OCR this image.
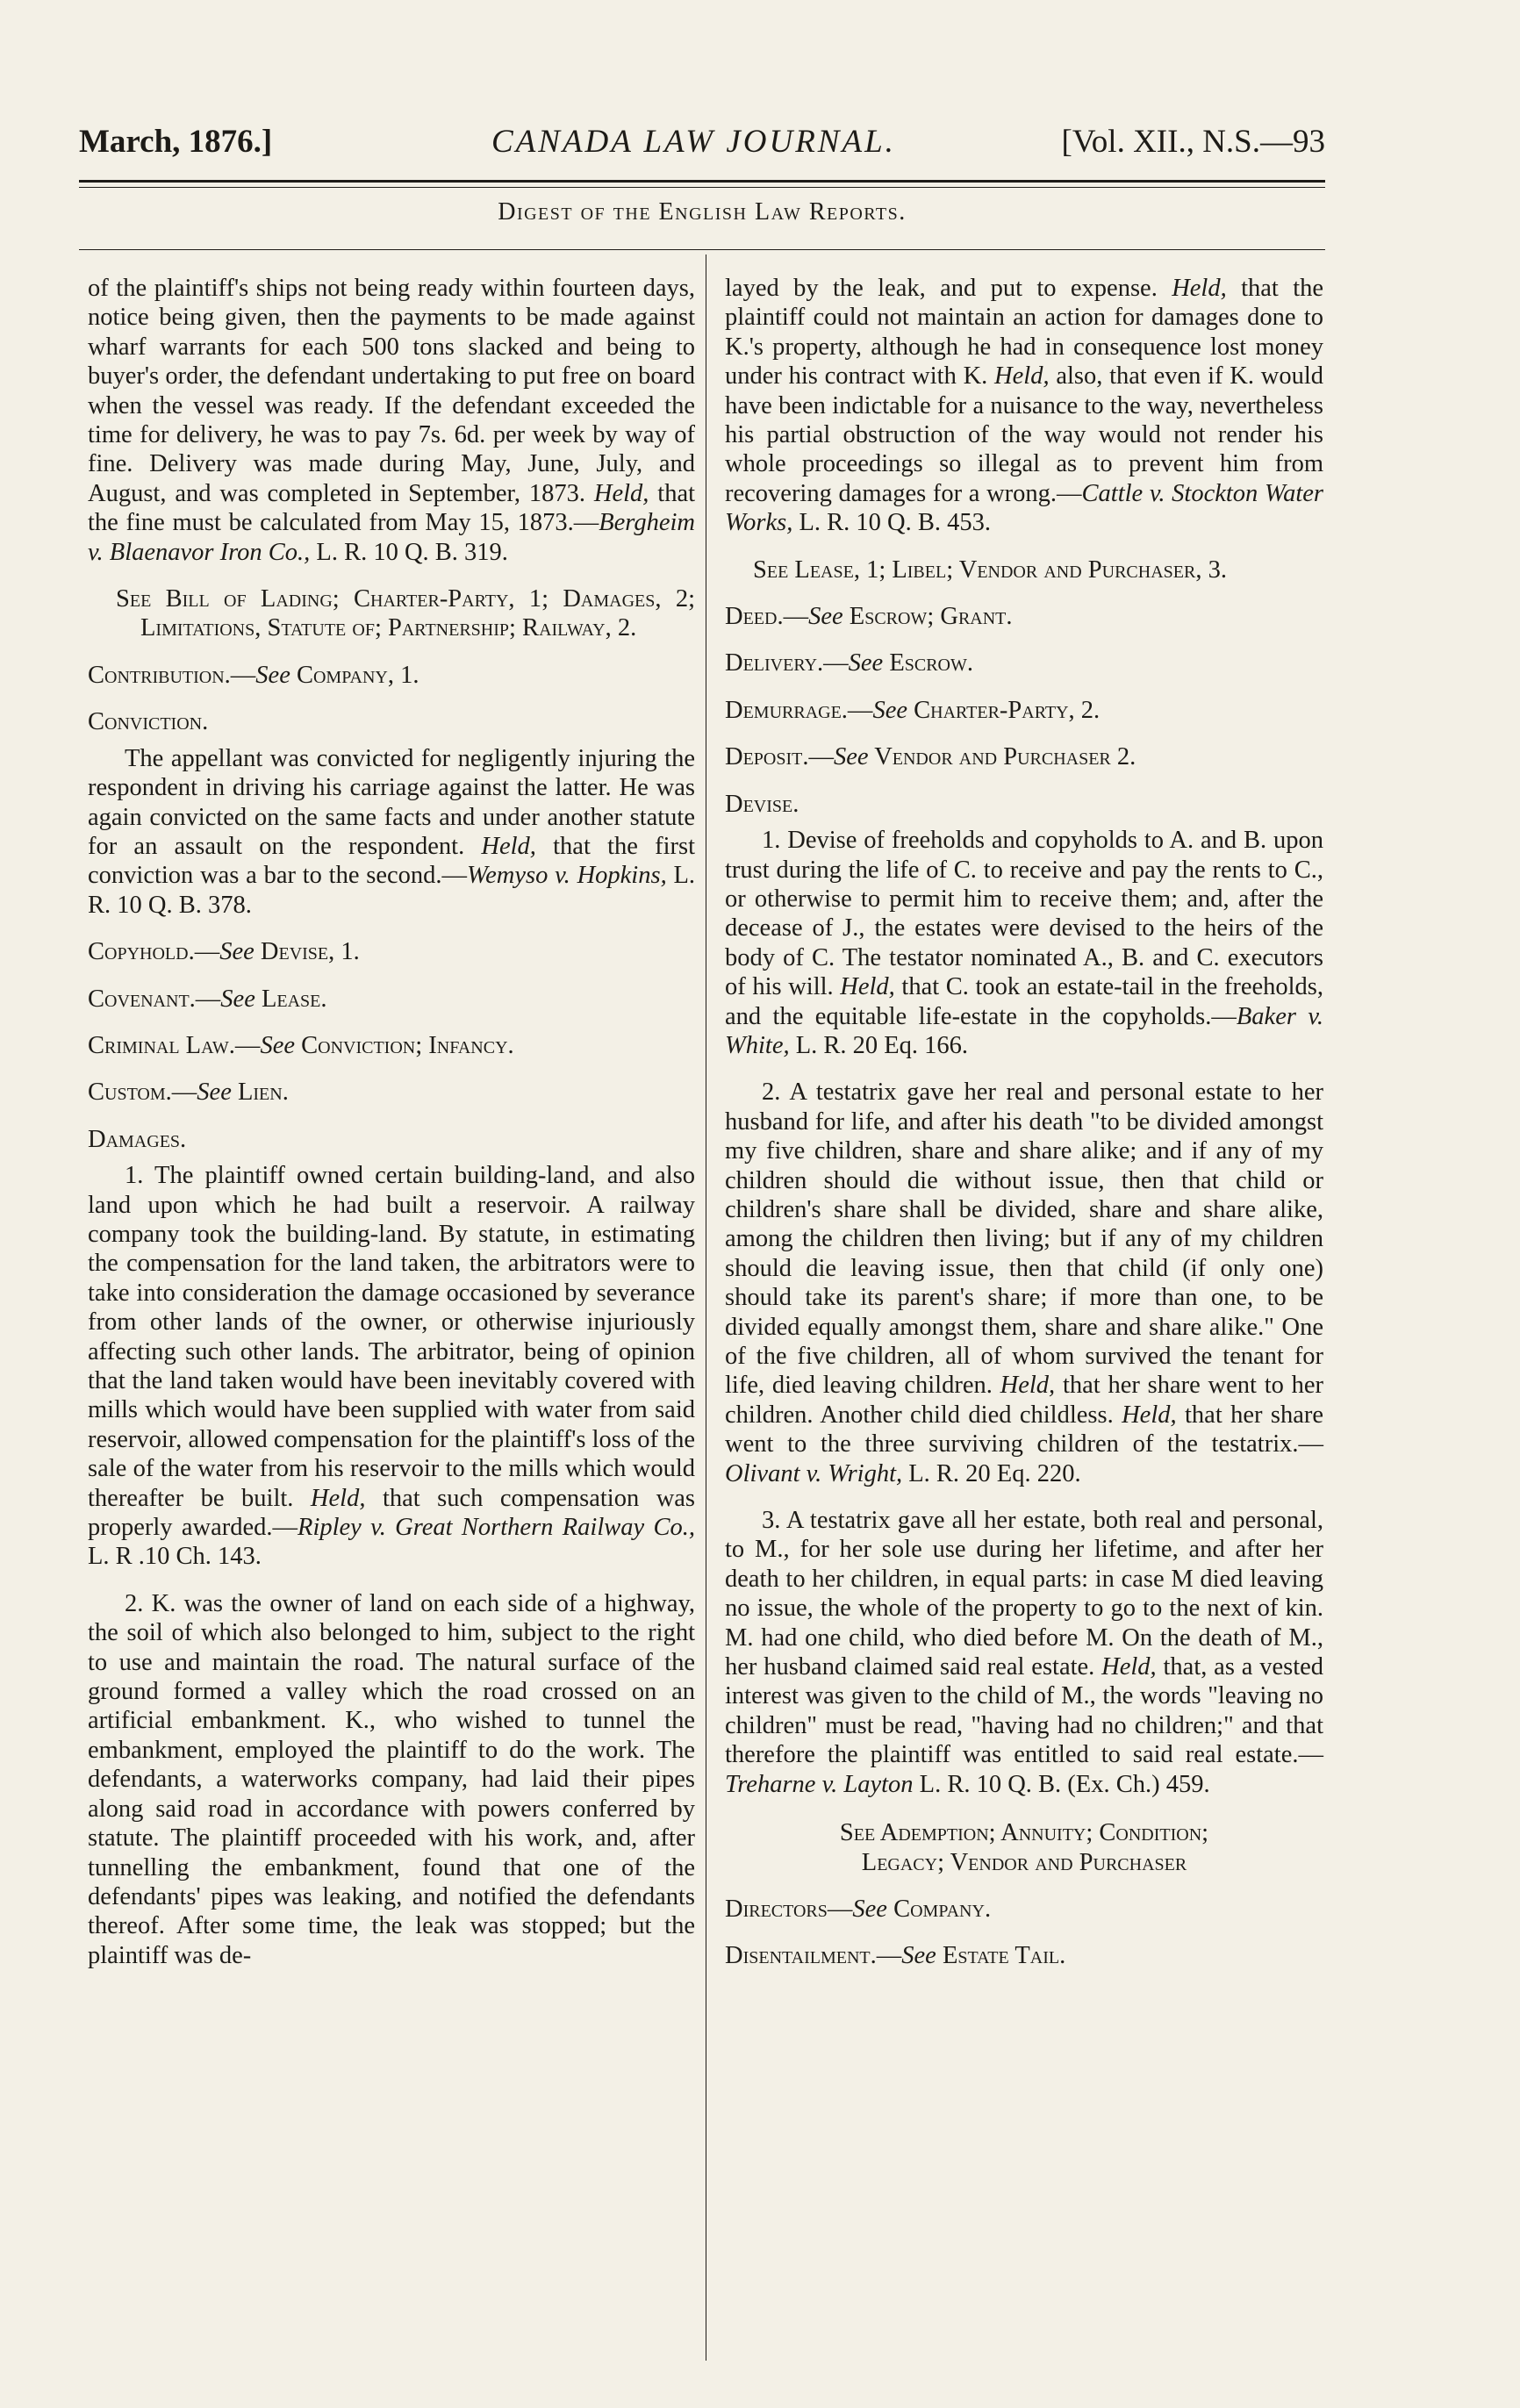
March, 1876.]	CANADA LAW JOURNAL.	[Vol. XII., N.S.—93
Digest of the English Law Reports.

of the plaintiff's ships not being ready within fourteen days, notice being given, then the payments to be made against wharf warrants for each 500 tons slacked and being to buyer's order, the defendant undertaking to put free on board when the vessel was ready. If the defendant exceeded the time for delivery, he was to pay 7s. 6d. per week by way of fine. Delivery was made during May, June, July, and August, and was completed in September, 1873. Held, that the fine must be calculated from May 15, 1873.—Bergheim v. Blaenavor Iron Co., L. R. 10 Q. B. 319.

See Bill of Lading; Charter-Party, 1; Damages, 2; Limitations, Statute of; Partnership; Railway, 2.

Contribution.—See Company, 1.

Conviction.

The appellant was convicted for negligently injuring the respondent in driving his carriage against the latter. He was again convicted on the same facts and under another statute for an assault on the respondent. Held, that the first conviction was a bar to the second.—Wemyso v. Hopkins, L. R. 10 Q. B. 378.

Copyhold.—See Devise, 1.

Covenant.—See Lease.

Criminal Law.—See Conviction; Infancy.

Custom.—See Lien.

Damages.

1. The plaintiff owned certain building-land, and also land upon which he had built a reservoir. A railway company took the building-land. By statute, in estimating the compensation for the land taken, the arbitrators were to take into consideration the damage occasioned by severance from other lands of the owner, or otherwise injuriously affecting such other lands. The arbitrator, being of opinion that the land taken would have been inevitably covered with mills which would have been supplied with water from said reservoir, allowed compensation for the plaintiff's loss of the sale of the water from his reservoir to the mills which would thereafter be built. Held, that such compensation was properly awarded.—Ripley v. Great Northern Railway Co., L. R .10 Ch. 143.

2. K. was the owner of land on each side of a highway, the soil of which also belonged to him, subject to the right to use and maintain the road. The natural surface of the ground formed a valley which the road crossed on an artificial embankment. K., who wished to tunnel the embankment, employed the plaintiff to do the work. The defendants, a waterworks company, had laid their pipes along said road in accordance with powers conferred by statute. The plaintiff proceeded with his work, and, after tunnelling the embankment, found that one of the defendants' pipes was leaking, and notified the defendants thereof. After some time, the leak was stopped; but the plaintiff was de-

layed by the leak, and put to expense. Held, that the plaintiff could not maintain an action for damages done to K.'s property, although he had in consequence lost money under his contract with K. Held, also, that even if K. would have been indictable for a nuisance to the way, nevertheless his partial obstruction of the way would not render his whole proceedings so illegal as to prevent him from recovering damages for a wrong.—Cattle v. Stockton Water Works, L. R. 10 Q. B. 453.

See Lease, 1; Libel; Vendor and Purchaser, 3.

Deed.—See Escrow; Grant.

Delivery.—See Escrow.

Demurrage.—See Charter-Party, 2.

Deposit.—See Vendor and Purchaser 2.

Devise.

1. Devise of freeholds and copyholds to A. and B. upon trust during the life of C. to receive and pay the rents to C., or otherwise to permit him to receive them; and, after the decease of J., the estates were devised to the heirs of the body of C. The testator nominated A., B. and C. executors of his will. Held, that C. took an estate-tail in the freeholds, and the equitable life-estate in the copyholds.—Baker v. White, L. R. 20 Eq. 166.

2. A testatrix gave her real and personal estate to her husband for life, and after his death "to be divided amongst my five children, share and share alike; and if any of my children should die without issue, then that child or children's share shall be divided, share and share alike, among the children then living; but if any of my children should die leaving issue, then that child (if only one) should take its parent's share; if more than one, to be divided equally amongst them, share and share alike." One of the five children, all of whom survived the tenant for life, died leaving children. Held, that her share went to her children. Another child died childless. Held, that her share went to the three surviving children of the testatrix.—Olivant v. Wright, L. R. 20 Eq. 220.

3. A testatrix gave all her estate, both real and personal, to M., for her sole use during her lifetime, and after her death to her children, in equal parts: in case M died leaving no issue, the whole of the property to go to the next of kin. M. had one child, who died before M. On the death of M., her husband claimed said real estate. Held, that, as a vested interest was given to the child of M., the words "leaving no children" must be read, "having had no children;" and that therefore the plaintiff was entitled to said real estate.—Treharne v. Layton L. R. 10 Q. B. (Ex. Ch.) 459.

See Ademption; Annuity; Condition;
Legacy; Vendor and Purchaser

Directors—See Company.

Disentailment.—See Estate Tail.
